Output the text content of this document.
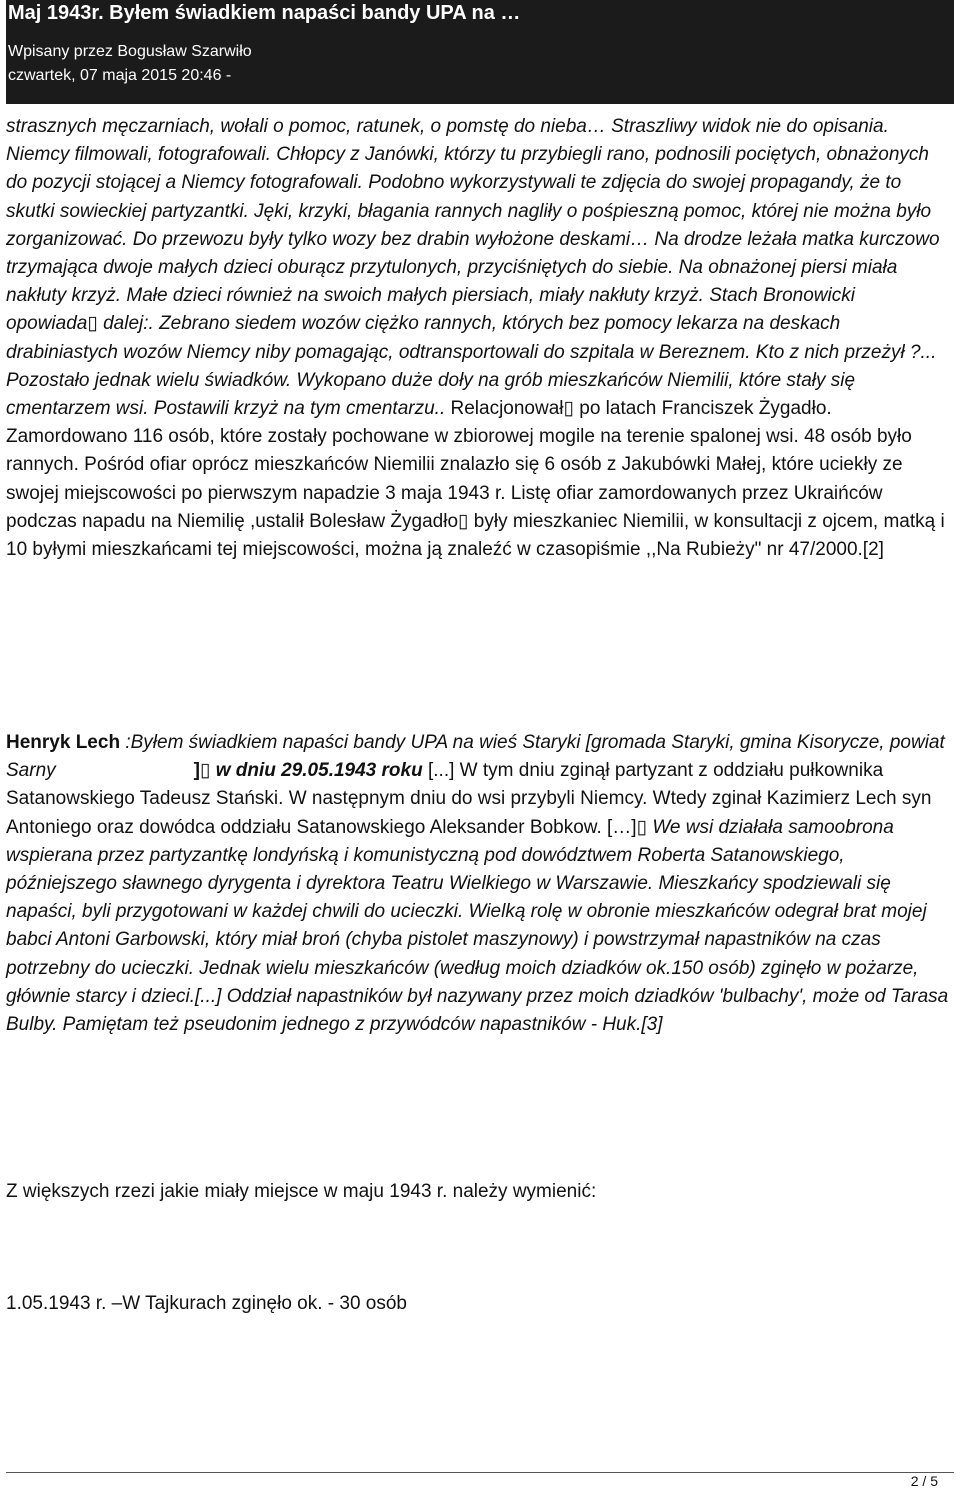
Maj 1943r. Byłem świadkiem napaści bandy UPA na …
Wpisany przez Bogusław Szarwiło
czwartek, 07 maja 2015 20:46 -

strasznych męczarniach, wołali o pomoc, ratunek, o pomstę do nieba… Straszliwy widok nie do opisania. Niemcy filmowali, fotografowali. Chłopcy z Janówki, którzy tu przybiegli rano, podnosili pociętych, obnażonych do pozycji stojącej a Niemcy fotografowali. Podobno wykorzystywali te zdjęcia do swojej propagandy, że to skutki sowieckiej partyzantki. Jęki, krzyki, błagania rannych nagliły o pośpieszną pomoc, której nie można było zorganizować. Do przewozu były tylko wozy bez drabin wyłożone deskami… Na drodze leżała matka kurczowo trzymająca dwoje małych dzieci oburącz przytulonych, przyciśniętych do siebie. Na obnażonej piersi miała nakłuty krzyż. Małe dzieci również na swoich małych piersiach, miały nakłuty krzyż. Stach Bronowicki opowiada▯ dalej:. Zebrano siedem wozów ciężko rannych, których bez pomocy lekarza na deskach drabiniastych wozów Niemcy niby pomagając, odtransportowali do szpitala w Bereznem. Kto z nich przeżył ?... Pozostało jednak wielu świadków. Wykopano duże doły na grób mieszkańców Niemilii, które stały się cmentarzem wsi. Postawili krzyż na tym cmentarzu.. Relacjonował▯ po latach Franciszek Żygadło. Zamordowano 116 osób, które zostały pochowane w zbiorowej mogile na terenie spalonej wsi. 48 osób było rannych. Pośród ofiar oprócz mieszkańców Niemilii znalazło się 6 osób z Jakubówki Małej, które uciekły ze swojej miejscowości po pierwszym napadzie 3 maja 1943 r. Listę ofiar zamordowanych przez Ukraińców podczas napadu na Niemilię ,ustalił Bolesław Żygadło▯ były mieszkaniec Niemilii, w konsultacji z ojcem, matką i 10 byłymi mieszkańcami tej miejscowości, można ją znaleźć w czasopiśmie ,,Na Rubieży" nr 47/2000.[2]

Henryk Lech :Byłem świadkiem napaści bandy UPA na wieś Staryki [gromada Staryki, gmina Kisorycze, powiat Sarny	]▯ w dniu 29.05.1943 roku [...] W tym dniu zginął partyzant z oddziału pułkownika Satanowskiego Tadeusz Stański. W następnym dniu do wsi przybyli Niemcy. Wtedy zginał Kazimierz Lech syn Antoniego oraz dowódca oddziału Satanowskiego Aleksander Bobkow. […]▯ We wsi działała samoobrona wspierana przez partyzantkę londyńską i komunistyczną pod dowództwem Roberta Satanowskiego, późniejszego sławnego dyrygenta i dyrektora Teatru Wielkiego w Warszawie. Mieszkańcy spodziewali się napaści, byli przygotowani w każdej chwili do ucieczki. Wielką rolę w obronie mieszkańców odegrał brat mojej babci Antoni Garbowski, który miał broń (chyba pistolet maszynowy) i powstrzymał napastników na czas potrzebny do ucieczki. Jednak wielu mieszkańców (według moich dziadków ok.150 osób) zginęło w pożarze, głównie starcy i dzieci.[...] Oddział napastników był nazywany przez moich dziadków 'bulbachy', może od Tarasa Bulby. Pamiętam też pseudonim jednego z przywódców napastników - Huk.[3]

Z większych rzezi jakie miały miejsce w maju 1943 r. należy wymienić:

1.05.1943 r. –W Tajkurach zginęło ok. - 30 osób

2 / 5
